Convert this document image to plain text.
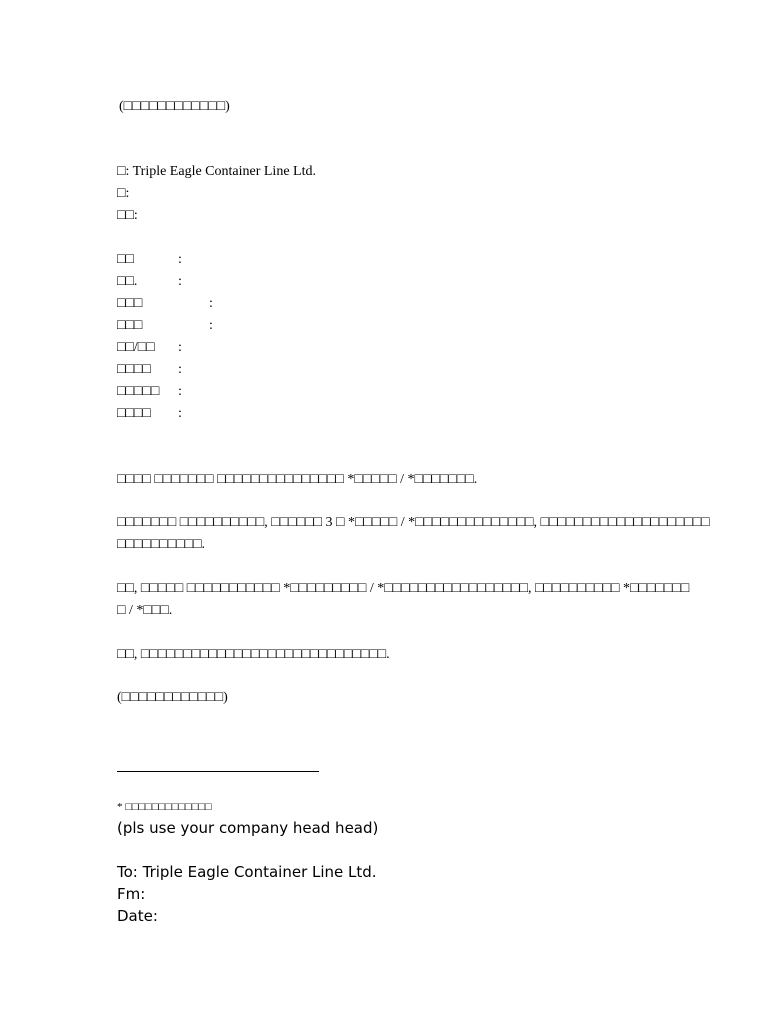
(□□□□□□□□□□□□)
□: Triple Eagle Container Line Ltd.
□:
□□:
□□	:
□□.	:
□□□	:
□□□	:
□□/□□ :
□□□□ :
□□□□□ :
□□□□ :
□□□□ □□□□□□□ □□□□□□□□□□□□□□□ *□□□□□ / *□□□□□□□.
□□□□□□□ □□□□□□□□□□, □□□□□□ 3 □ *□□□□□ / *□□□□□□□□□□□□□□, □□□□□□□□□□□□□□□□□□□□
□□□□□□□□□□.
□□, □□□□□ □□□□□□□□□□□ *□□□□□□□□□ / *□□□□□□□□□□□□□□□□□, □□□□□□□□□□ *□□□□□□□
□ / *□□□.
□□, □□□□□□□□□□□□□□□□□□□□□□□□□□□□□.
(□□□□□□□□□□□□)
* □□□□□□□□□□□□□
(pls use your company head head)
To: Triple Eagle Container Line Ltd.
Fm:
Date:
